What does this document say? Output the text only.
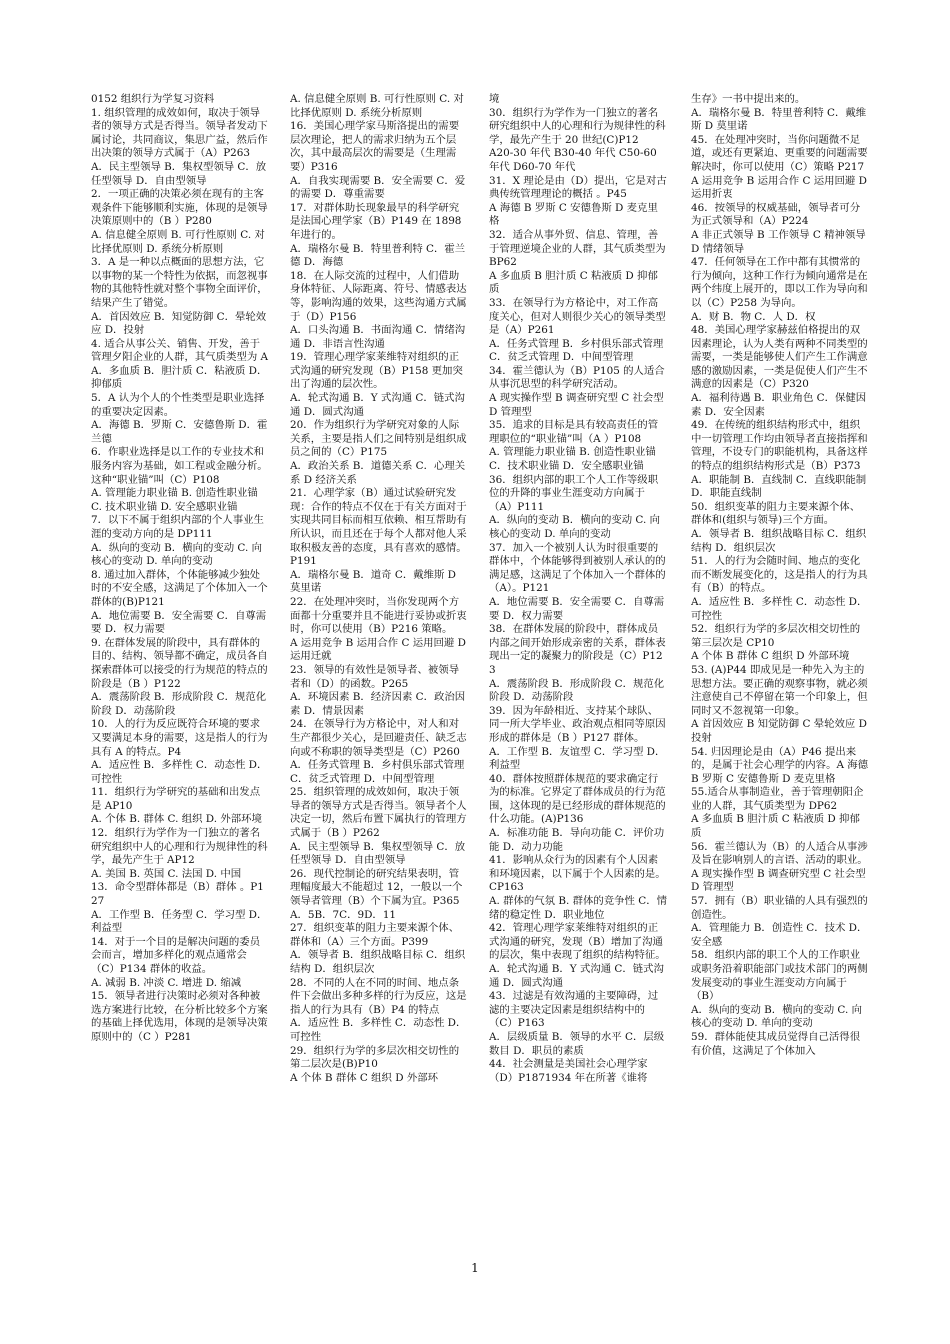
0152 组织行为学复习资料

1. 组织管理的成效如何，取决于领导者的领导方式是否得当。领导者发动下属讨论，共同商议，集思广益，然后作出决策的领导方式属于（A）P263

A．民主型领导 B．集权型领导 C．放任型领导 D．自由型领导

2．一项正确的决策必须在现有的主客观条件下能够顺利实施，体现的是领导决策原则中的（B ）P280

A. 信息健全原则 B. 可行性原则 C. 对比择优原则 D. 系统分析原则

3．A 是一种以点概面的思想方法，它以事物的某一个特性为依据，而忽视事物的其他特性就对整个事物全面评价，结果产生了错觉。

A．首因效应 B．知觉防御 C．晕轮效应 D．投射

4. 适合从事公关、销售、开发，善于管理夕阳企业的人群，其气质类型为 A

A．多血质 B．胆汁质 C．粘液质 D．抑郁质

5．A 认为个人的个性类型是职业选择的重要决定因素。

A．海德 B．罗斯 C．安德鲁斯 D．霍兰德

6．作职业选择是以工作的专业技术和服务内容为基础，如工程或金融分析。这种“职业锚”叫（C）P108

A. 管理能力职业锚 B. 创造性职业锚

C. 技术职业锚 D. 安全感职业锚

7．以下不属于组织内部的个人事业生涯的变动方向的是 DP111

A．纵向的变动 B．横向的变动 C. 向核心的变动 D. 单向的变动

8. 通过加入群体，个体能够减少独处时的不安全感，这满足了个体加入一个群体的(B)P121

A．地位需要 B．安全需要 C．自尊需要 D．权力需要

9. 在群体发展的阶段中，具有群体的目的、结构、领导都不确定，成员各自探索群体可以接受的行为规范的特点的阶段是（B ）P122

A．震荡阶段 B．形成阶段 C．规范化阶段 D．动荡阶段

10．人的行为反应既符合环境的要求又要满足本身的需要，这是指人的行为具有 A 的特点。P4

A．适应性 B．多样性 C．动态性 D．可控性

11．组织行为学研究的基础和出发点是 AP10

A. 个体 B. 群体 C. 组织 D. 外部环境

12．组织行为学作为一门独立的著名研究组织中人的心理和行为规律性的科学，最先产生于 AP12

A. 美国 B. 英国 C. 法国 D. 中国

13．命令型群体都是（B）群体 。P127

A．工作型 B．任务型 C．学习型 D．利益型

14．对于一个目的是解决问题的委员会而言，增加多样化的观点通常会（C）P134 群体的收益。

A. 减弱 B. 冲淡 C. 增进 D. 缩减

15．领导者进行决策时必须对各种被选方案进行比较，在分析比较多个方案的基础上择优选用，体现的是领导决策原则中的（C ）P281

A. 信息健全原则 B. 可行性原则 C. 对比择优原则 D. 系统分析原则

16．美国心理学家马斯洛提出的需要层次理论，把人的需求归纳为五个层次，其中最高层次的需要是（生理需要）P316

A．自我实现需要 B．安全需要 C．爱的需要 D．尊重需要

17．对群体助长现象最早的科学研究是法国心理学家（B）P149 在 1898 年进行的。

A．瑞格尔曼 B．特里普利特 C．霍兰德 D．海德

18．在人际交流的过程中，人们借助身体特征、人际距离、符号、情感表达等，影响沟通的效果，这些沟通方式属于（D）P156

A．口头沟通 B．书面沟通 C．情绪沟通 D．非语言性沟通

19．管理心理学家莱维特对组织的正式沟通的研究发现（B）P158 更加突出了沟通的层次性。

A．轮式沟通 B．Y 式沟通 C．链式沟通 D．圆式沟通

20．作为组织行为学研究对象的人际关系，主要是指人们之间特别是组织成员之间的（C）P175

A．政治关系 B．道德关系 C．心理关系 D 经济关系

21．心理学家（B）通过试验研究发现：合作的特点不仅在于有关方面对于实现共同目标而相互依赖、相互帮助有所认识，而且还在于每个人都对他人采取积极友善的态度，具有喜欢的感情。P191

A．瑞格尔曼 B．道奇 C．戴维斯 D 莫里诺

22．在处理冲突时，当你发现两个方面都十分重要并且不能进行妥协或折衷时，你可以使用（B）P216 策略。

A 运用竞争 B 运用合作 C 运用回避 D 运用迁就

23．领导的有效性是领导者、被领导者和（D）的函数。P265

A．环境因素 B．经济因素 C．政治因素 D．情景因素

24．在领导行为方格论中，对人和对生产都很少关心，是回避责任、缺乏志向或不称职的领导类型是（C）P260

A．任务式管理 B．乡村俱乐部式管理 C．贫乏式管理 D．中间型管理

25．组织管理的成效如何，取决于领导者的领导方式是否得当。领导者个人决定一切，然后布置下属执行的管理方式属于（B ）P262

A．民主型领导 B．集权型领导 C．放任型领导 D．自由型领导

26．现代控制论的研究结果表明，管理幅度最大不能超过 12，一般以一个领导者管理（B）个下属为宜。P365

A．5B．7C．9D．11

27．组织变革的阻力主要来源个体、群体和（A）三个方面。P399

A．领导者 B．组织战略目标 C．组织结构 D．组织层次

28．不同的人在不同的时间、地点条件下会做出多种多样的行为反应，这是指人的行为具有（B）P4 的特点

A．适应性 B．多样性 C．动态性 D．可控性

29．组织行为学的多层次相交切性的第二层次是(B)P10

A 个体 B 群体 C 组织 D 外部环

境

30．组织行为学作为一门独立的著名研究组织中人的心理和行为规律性的科学，最先产生于 20 世纪(C)P12

A20-30 年代 B30-40 年代 C50-60 年代 D60-70 年代

31．X 理论是由（D）提出，它是对古典传统管理理论的概括 。P45

A 海德 B 罗斯 C 安德鲁斯 D 麦克里格

32．适合从事外贸、信息、管理，善于管理逆境企业的人群，其气质类型为 BP62

A 多血质 B 胆汁质 C 粘液质 D 抑郁质

33．在领导行为方格论中，对工作高度关心，但对人则很少关心的领导类型是（A）P261

A．任务式管理 B．乡村俱乐部式管理

C．贫乏式管理 D．中间型管理

34．霍兰德认为（B）P105 的人适合从事沉思型的科学研究活动。

A 现实操作型 B 调查研究型 C 社会型 D 管理型

35．追求的目标是具有较高责任的管理职位的“职业锚”叫（A ）P108

A. 管理能力职业锚 B. 创造性职业锚 C．技术职业锚 D．安全感职业锚

36．组织内部的职工个人工作等级职位的升降的事业生涯变动方向属于（A）P111

A．纵向的变动 B．横向的变动 C. 向核心的变动 D. 单向的变动

37．加入一个被别人认为时很重要的群体中，个体能够得到被别人承认的的满足感，这满足了个体加入一个群体的（A）。P121

A．地位需要 B．安全需要 C．自尊需要 D．权力需要

38．在群体发展的阶段中，群体成员内部之间开始形成亲密的关系，群体表现出一定的凝聚力的阶段是（C）P123

A．震荡阶段 B．形成阶段 C．规范化阶段 D．动荡阶段

39．因为年龄相近、支持某个球队、同一所大学毕业、政治观点相同等原因形成的群体是（B ）P127 群体。

A．工作型 B．友谊型 C．学习型 D．利益型

40．群体按照群体规范的要求确定行为的标准。它界定了群体成员的行为范围，这体现的是已经形成的群体规范的什么功能。(A)P136

A．标准功能 B．导向功能 C．评价功能 D．动力功能

41．影响从众行为的因素有个人因素和环境因素，以下属于个人因素的是。CP163

A. 群体的气氛 B. 群体的竞争性 C．情绪的稳定性 D．职业地位

42．管理心理学家莱维特对组织的正式沟通的研究，发现（B）增加了沟通的层次，集中表现了组织的结构特征。

A．轮式沟通 B．Y 式沟通 C．链式沟通 D．圆式沟通

43．过滤是有效沟通的主要障碍，过滤的主要决定因素是组织结构中的（C）P163

A．层级质量 B．领导的水平 C．层级数目 D．职员的素质

44．社会测量是美国社会心理学家（D）P1871934 年在所著《谁将

生存》一书中提出来的。

A．瑞格尔曼 B．特里普利特 C．戴维斯 D 莫里诺

45．在处理冲突时，当你问题微不足道，或还有更紧迫、更重要的问题需要解决时，你可以使用（C）策略 P217

A 运用竞争 B 运用合作 C 运用回避 D 运用折衷

46．按领导的权威基础，领导者可分为正式领导和（A）P224

A 非正式领导 B 工作领导 C 精神领导 D 情绪领导

47．任何领导在工作中都有其惯常的行为倾向，这种工作行为倾向通常是在两个纬度上展开的，即以工作为导向和以（C）P258 为导向。

A．财 B．物 C．人 D．权

48．美国心理学家赫兹伯格提出的双因素理论，认为人类有两种不同类型的需要，一类是能够使人们产生工作满意感的激励因素，一类是促使人们产生不满意的因素是（C）P320

A．福利待遇 B．职业角色 C．保健因素 D．安全因素

49．在传统的组织结构形式中，组织中一切管理工作均由领导者直接指挥和管理，不设专门的职能机构，具备这样的特点的组织结构形式是（B）P373

A．职能制 B．直线制 C．直线职能制 D．职能直线制

50．组织变革的阻力主要来源个体、群体和(组织与领导)三个方面。

A．领导者 B．组织战略目标 C．组织结构 D．组织层次

51．人的行为会随时间、地点的变化而不断发展变化的，这是指人的行为具有（B）的特点。

A．适应性 B．多样性 C．动态性 D．可控性

52．组织行为学的多层次相交切性的第三层次是 CP10

A 个体 B 群体 C 组织 D 外部环境

53. (A)P44 即成见是一种先入为主的思想方法。要正确的观察事物，就必须注意使自己不停留在第一个印象上，但同时又不忽视第一印象。

A 首因效应 B 知觉防御 C 晕轮效应 D 投射

54. 归因理论是由（A）P46 提出来的，是属于社会心理学的内容。A 海德 B 罗斯 C 安德鲁斯 D 麦克里格

55.适合从事制造业，善于管理朝阳企业的人群，其气质类型为 DP62

A 多血质 B 胆汁质 C 粘液质 D 抑郁质

56．霍兰德认为（B）的人适合从事涉及旨在影响别人的言语、活动的职业。

A 现实操作型 B 调查研究型 C 社会型 D 管理型

57．拥有（B）职业锚的人具有强烈的创造性。

A．管理能力 B．创造性 C．技术 D．安全感

58．组织内部的职工个人的工作职业或职务沿着职能部门或技术部门的两侧发展变动的事业生涯变动方向属于（B）

A．纵向的变动 B．横向的变动 C. 向核心的变动 D. 单向的变动

59．群体能使其成员觉得自己活得很有价值，这满足了个体加入

1
